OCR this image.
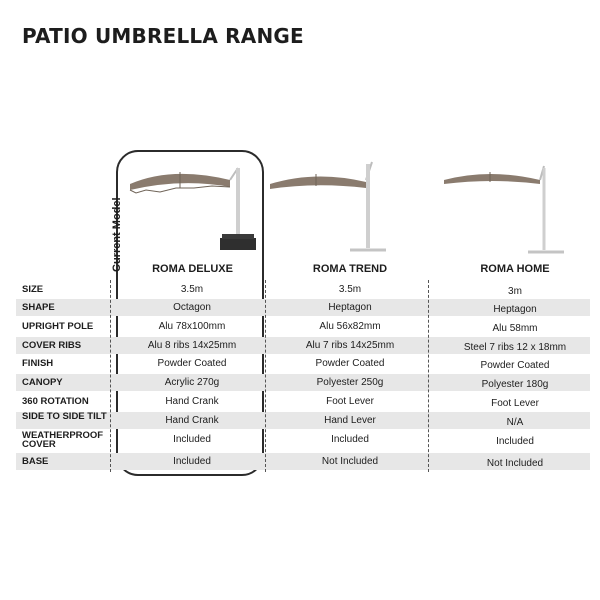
PATIO UMBRELLA RANGE
Current Model	ROMA DELUXE	ROMA TREND	ROMA HOME
SIZE	3.5m	3.5m	3m
SHAPE	Octagon	Heptagon	Heptagon
UPRIGHT POLE	Alu 78x100mm	Alu 56x82mm	Alu 58mm
COVER RIBS	Alu 8 ribs 14x25mm	Alu 7 ribs 14x25mm	Steel 7 ribs 12 x 18mm
FINISH	Powder Coated	Powder Coated	Powder Coated
CANOPY	Acrylic 270g	Polyester 250g	Polyester 180g
360 ROTATION	Hand Crank	Foot Lever	Foot Lever
SIDE TO SIDE TILT	Hand Crank	Hand Lever	N/A
WEATHERPROOF COVER	Included	Included	Included
BASE	Included	Not Included	Not Included
